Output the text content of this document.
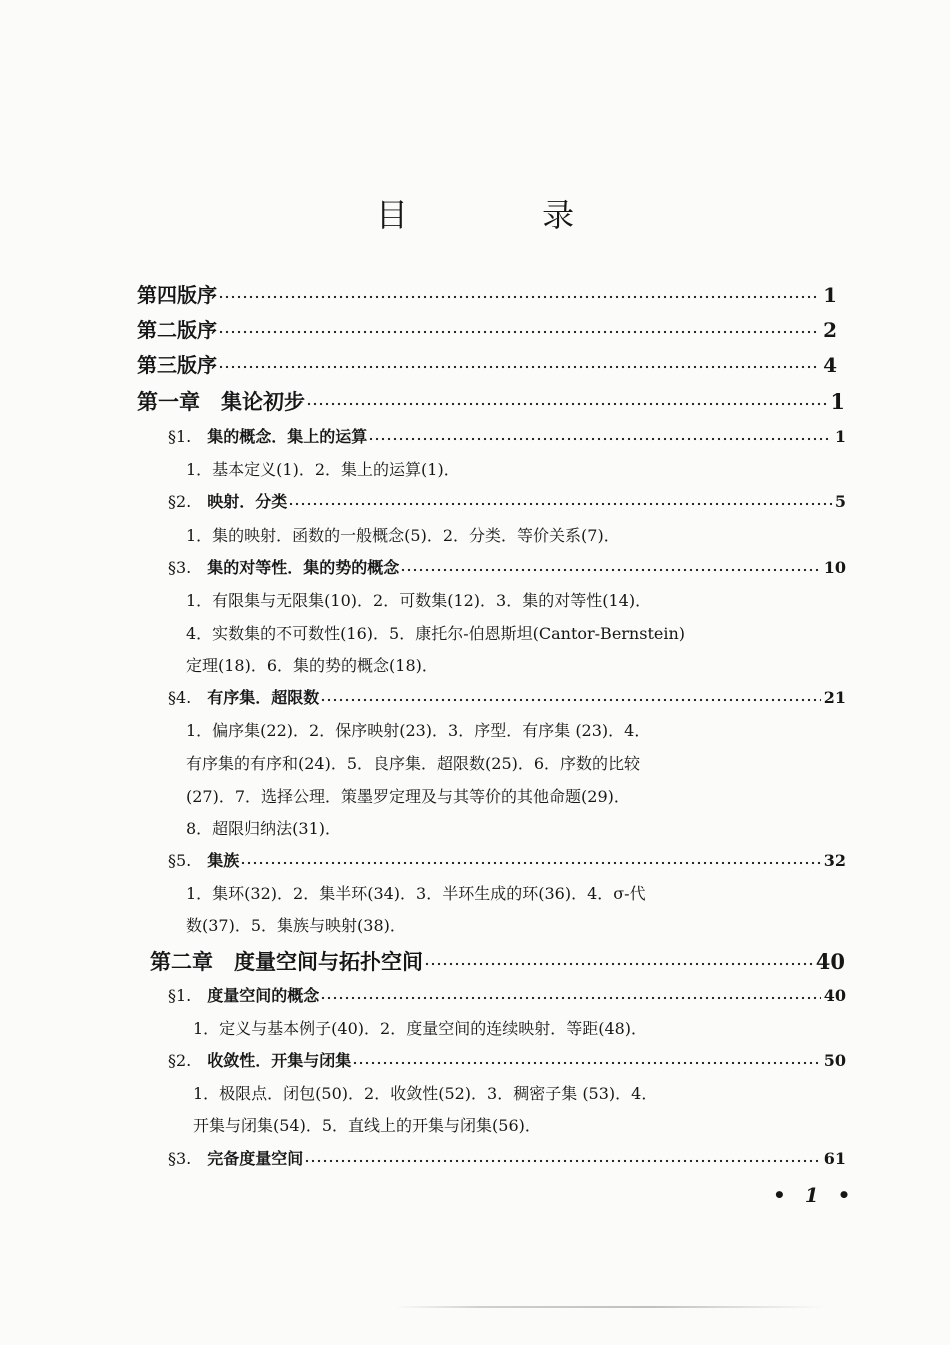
目 录
第四版序	1
第二版序	2
第三版序	4
第一章　集论初步	1
§1. 集的概念．集上的运算	1
1．基本定义(1)．2．集上的运算(1)．
§2. 映射．分类	5
1．集的映射．函数的一般概念(5)．2．分类．等价关系(7)．
§3. 集的对等性．集的势的概念	10
1．有限集与无限集(10)．2．可数集(12)．3．集的对等性(14)．
4．实数集的不可数性(16)．5．康托尔-伯恩斯坦(Cantor-Bernstein)
定理(18)．6．集的势的概念(18)．
§4. 有序集．超限数	21
1．偏序集(22)．2．保序映射(23)．3．序型．有序集 (23)．4．
有序集的有序和(24)．5．良序集．超限数(25)．6．序数的比较
(27)．7．选择公理．策墨罗定理及与其等价的其他命题(29)．
8．超限归纳法(31)．
§5. 集族	32
1．集环(32)．2．集半环(34)．3．半环生成的环(36)．4．σ-代
数(37)．5．集族与映射(38)．
第二章　度量空间与拓扑空间	40
§1. 度量空间的概念	40
1．定义与基本例子(40)．2．度量空间的连续映射．等距(48)．
§2. 收敛性．开集与闭集	50
1．极限点．闭包(50)．2．收敛性(52)．3．稠密子集 (53)．4．
开集与闭集(54)．5．直线上的开集与闭集(56)．
§3. 完备度量空间	61
• 1 •
